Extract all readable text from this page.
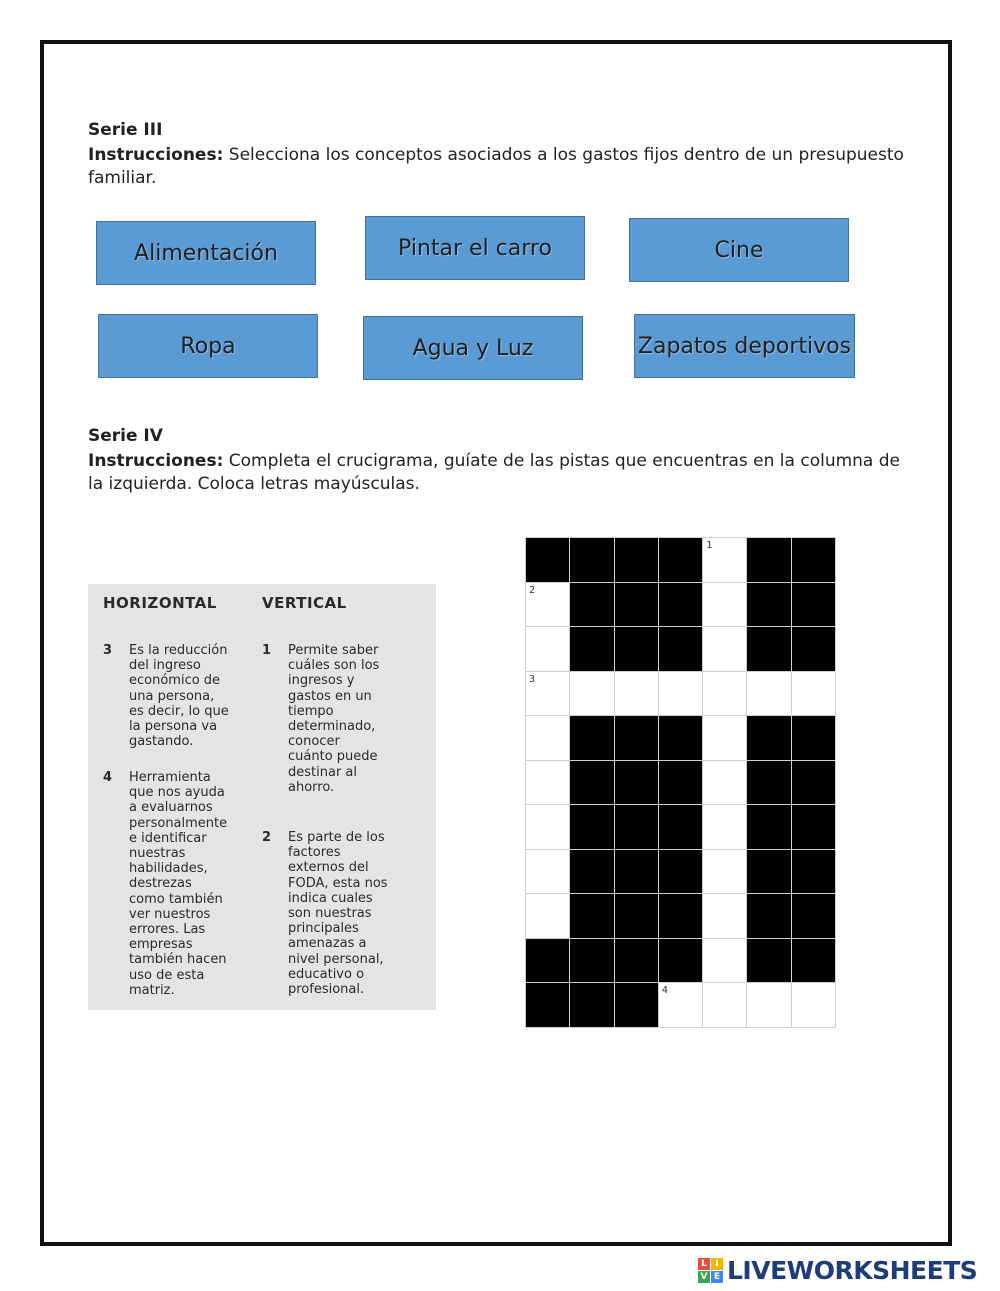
Serie III

Instrucciones: Selecciona los conceptos asociados a los gastos fijos dentro de un presupuesto familiar.

Alimentación	Pintar el carro	Cine
Ropa	Agua y Luz	Zapatos deportivos

Serie IV

Instrucciones: Completa el crucigrama, guíate de las pistas que encuentras en la columna de la izquierda. Coloca letras mayúsculas.

HORIZONTAL	VERTICAL
3	Es la reducción
del ingreso
económico de
una persona,
es decir, lo que
la persona va
gastando.
4	Herramienta
que nos ayuda
a evaluarnos
personalmente
e identificar
nuestras
habilidades,
destrezas
como también
ver nuestros
errores. Las
empresas
también hacen
uso de esta
matriz.
1	Permite saber
cuáles son los
ingresos y
gastos en un
tiempo
determinado,
conocer
cuánto puede
destinar al
ahorro.
2	Es parte de los
factores
externos del
FODA, esta nos
indica cuales
son nuestras
principales
amenazas a
nivel personal,
educativo o
profesional.
1
2
3
4
L I
V E LIVEWORKSHEETS
